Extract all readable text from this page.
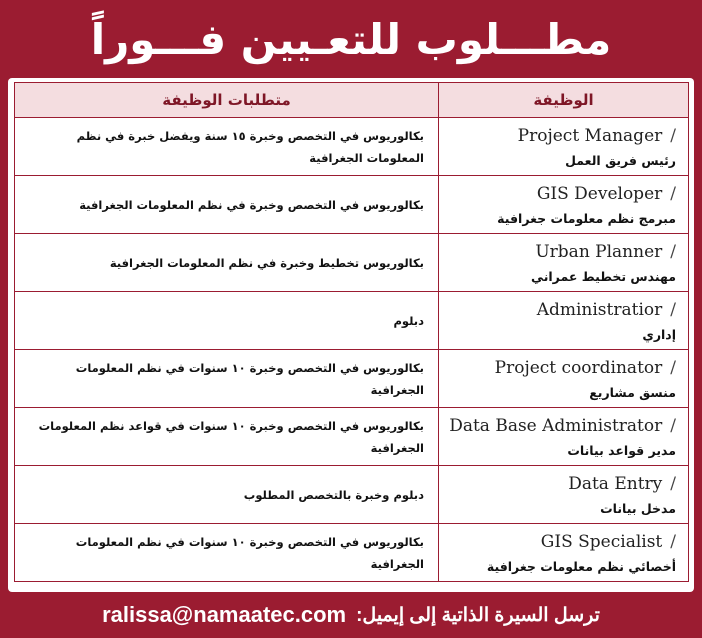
مطـــلوب للتعـيين فـــوراً
الوظيفة	متطلبات الوظيفة

/Project Manager
رئيس فريق العمل	بكالوريوس في التخصص وخبرة ١٥ سنة ويفضل خبرة في نظم المعلومات الجغرافية

/GIS Developer
مبرمج نظم معلومات جغرافية	بكالوريوس في التخصص وخبرة في نظم المعلومات الجغرافية

/Urban Planner
مهندس تخطيط عمراني	بكالوريوس تخطيط وخبرة في نظم المعلومات الجغرافية

/Administratior
إداري	دبلوم

/Project coordinator
منسق مشاريع	بكالوريوس في التخصص وخبرة ١٠ سنوات في نظم المعلومات الجغرافية

/Data Base Administrator
مدير قواعد بيانات	بكالوريوس في التخصص وخبرة ١٠ سنوات في قواعد نظم المعلومات الجغرافية

/Data Entry
مدخل بيانات	دبلوم وخبرة بالتخصص المطلوب

/GIS Specialist
أخصائي نظم معلومات جغرافية	بكالوريوس في التخصص وخبرة ١٠ سنوات في نظم المعلومات الجغرافية
ترسل السيرة الذاتية إلى إيميل:
ralissa@namaatec.com
